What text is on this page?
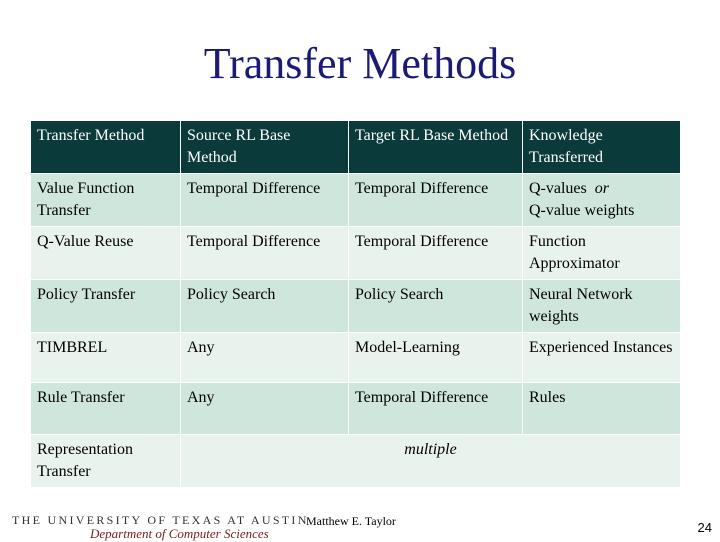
Transfer Methods
Transfer Method	Source RL Base Method	Target RL Base Method	Knowledge Transferred
Value Function Transfer	Temporal Difference	Temporal Difference	Q-values or
Q-value weights
Q-Value Reuse	Temporal Difference	Temporal Difference	Function Approximator
Policy Transfer	Policy Search	Policy Search	Neural Network weights
TIMBREL	Any	Model-Learning	Experienced Instances
Rule Transfer	Any	Temporal Difference	Rules
Representation Transfer	multiple		
THE UNIVERSITY OF TEXAS AT AUSTIN
Department of Computer Sciences
Matthew E. Taylor	24
